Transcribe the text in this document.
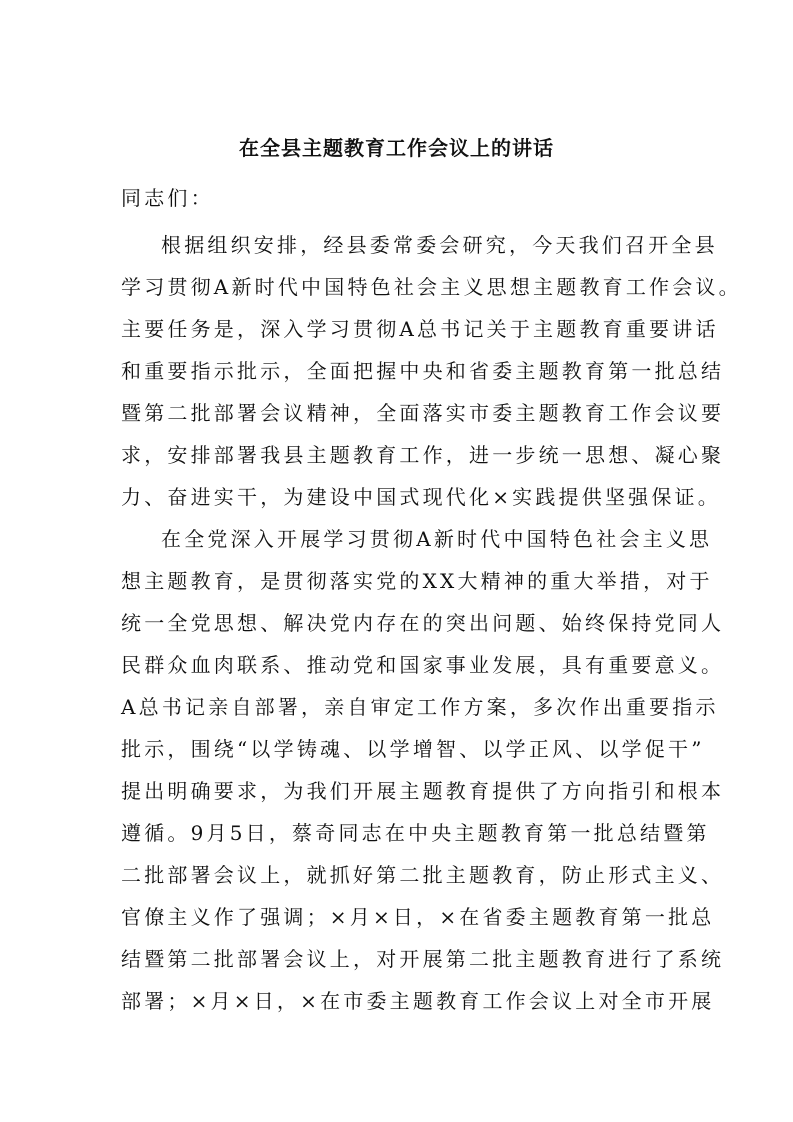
在全县主题教育工作会议上的讲话
同志们：
根据组织安排，经县委常委会研究，今天我们召开全县
学习贯彻A新时代中国特色社会主义思想主题教育工作会议。
主要任务是，深入学习贯彻A总书记关于主题教育重要讲话
和重要指示批示，全面把握中央和省委主题教育第一批总结
暨第二批部署会议精神，全面落实市委主题教育工作会议要
求，安排部署我县主题教育工作，进一步统一思想、凝心聚
力、奋进实干，为建设中国式现代化×实践提供坚强保证。
在全党深入开展学习贯彻A新时代中国特色社会主义思
想主题教育，是贯彻落实党的XX大精神的重大举措，对于
统一全党思想、解决党内存在的突出问题、始终保持党同人
民群众血肉联系、推动党和国家事业发展，具有重要意义。
A总书记亲自部署，亲自审定工作方案，多次作出重要指示
批示，围绕“以学铸魂、以学增智、以学正风、以学促干”
提出明确要求，为我们开展主题教育提供了方向指引和根本
遵循。9月5日，蔡奇同志在中央主题教育第一批总结暨第
二批部署会议上，就抓好第二批主题教育，防止形式主义、
官僚主义作了强调；×月×日，×在省委主题教育第一批总
结暨第二批部署会议上，对开展第二批主题教育进行了系统
部署；×月×日，×在市委主题教育工作会议上对全市开展
